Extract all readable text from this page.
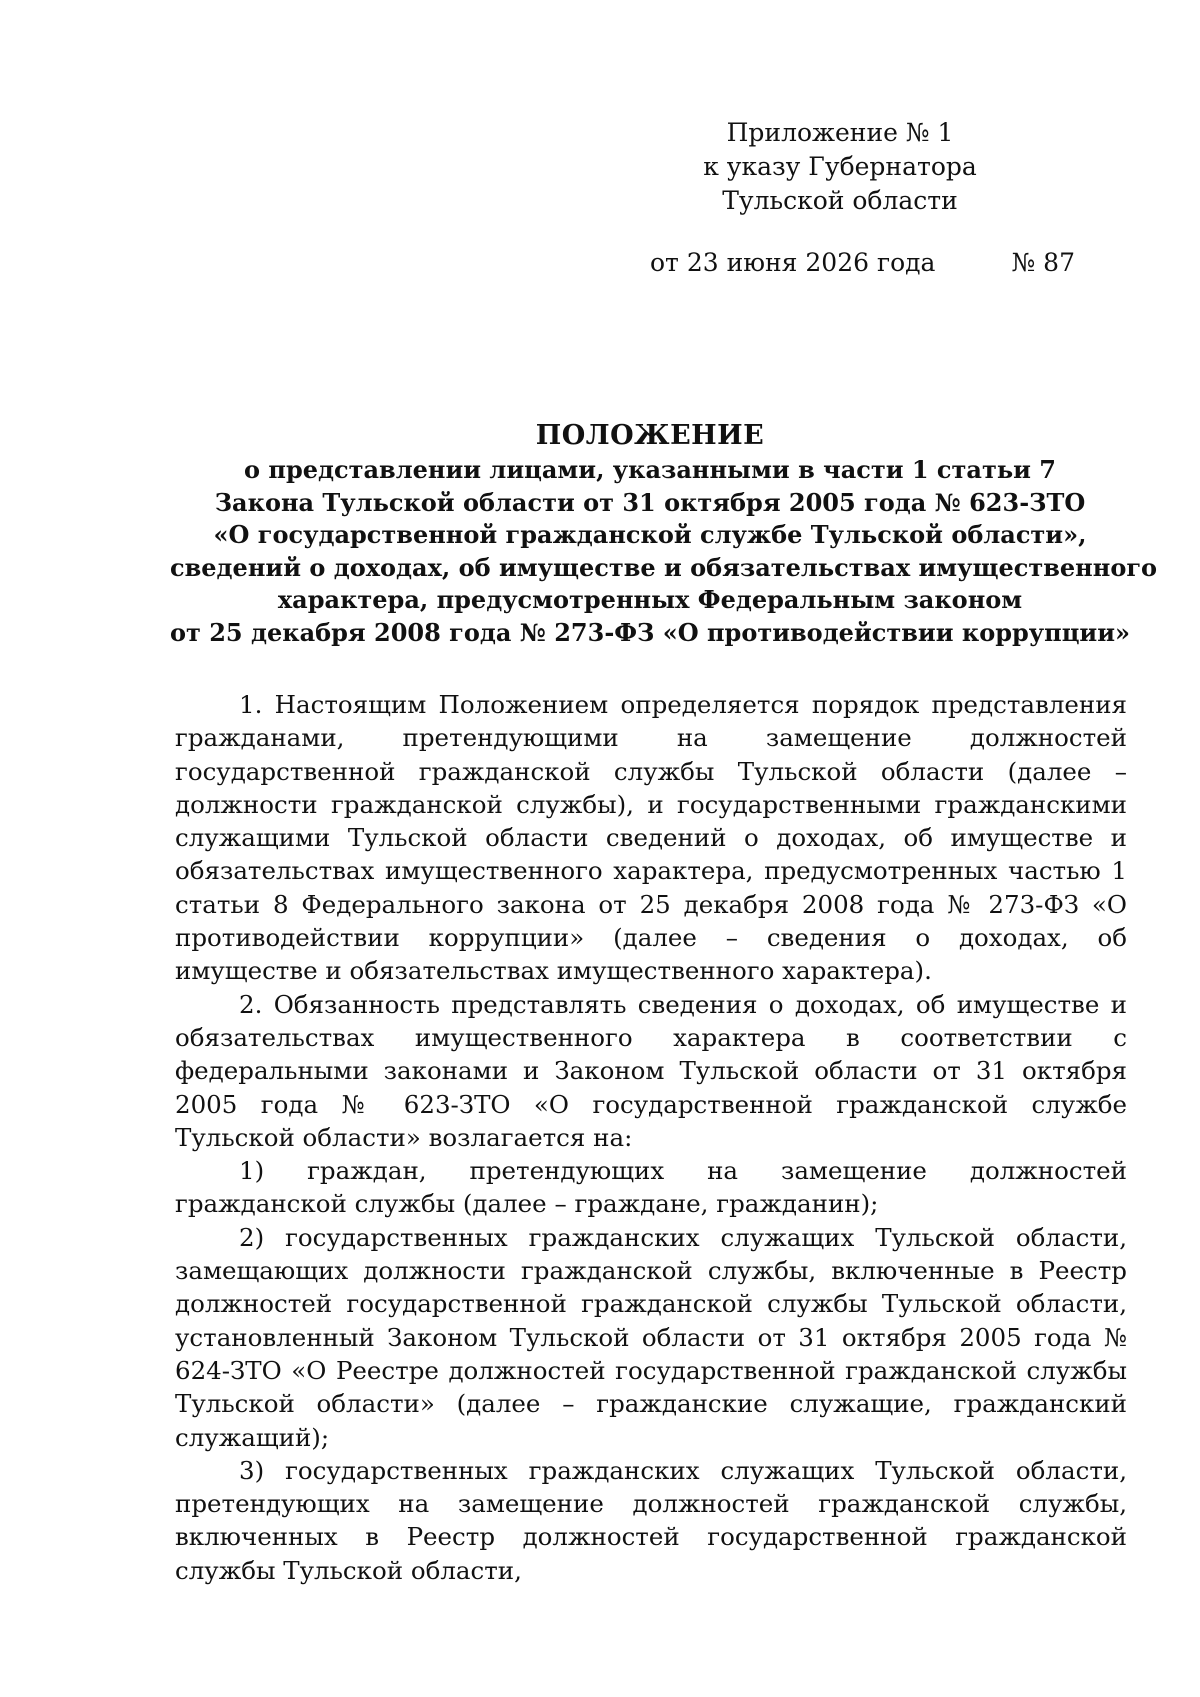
Приложение № 1
к указу Губернатора
Тульской области
от 23 июня 2026 года	№ 87
ПОЛОЖЕНИЕ
о представлении лицами, указанными в части 1 статьи 7
Закона Тульской области от 31 октября 2005 года № 623-ЗТО
«О государственной гражданской службе Тульской области»,
сведений о доходах, об имуществе и обязательствах имущественного
характера, предусмотренных Федеральным законом
от 25 декабря 2008 года № 273-ФЗ «О противодействии коррупции»

1. Настоящим Положением определяется порядок представления гражданами, претендующими на замещение должностей государственной гражданской службы Тульской области (далее – должности гражданской службы), и государственными гражданскими служащими Тульской области сведений о доходах, об имуществе и обязательствах имущественного характера, предусмотренных частью 1 статьи 8 Федерального закона от 25 декабря 2008 года № 273-ФЗ «О противодействии коррупции» (далее – сведения о доходах, об имуществе и обязательствах имущественного характера).

2. Обязанность представлять сведения о доходах, об имуществе и обязательствах имущественного характера в соответствии с федеральными законами и Законом Тульской области от 31 октября 2005 года № 623-ЗТО «О государственной гражданской службе Тульской области» возлагается на:

1) граждан, претендующих на замещение должностей гражданской службы (далее – граждане, гражданин);

2) государственных гражданских служащих Тульской области, замещающих должности гражданской службы, включенные в Реестр должностей государственной гражданской службы Тульской области, установленный Законом Тульской области от 31 октября 2005 года № 624-ЗТО «О Реестре должностей государственной гражданской службы Тульской области» (далее – гражданские служащие, гражданский служащий);

3) государственных гражданских служащих Тульской области, претендующих на замещение должностей гражданской службы, включенных в Реестр должностей государственной гражданской службы Тульской области,
